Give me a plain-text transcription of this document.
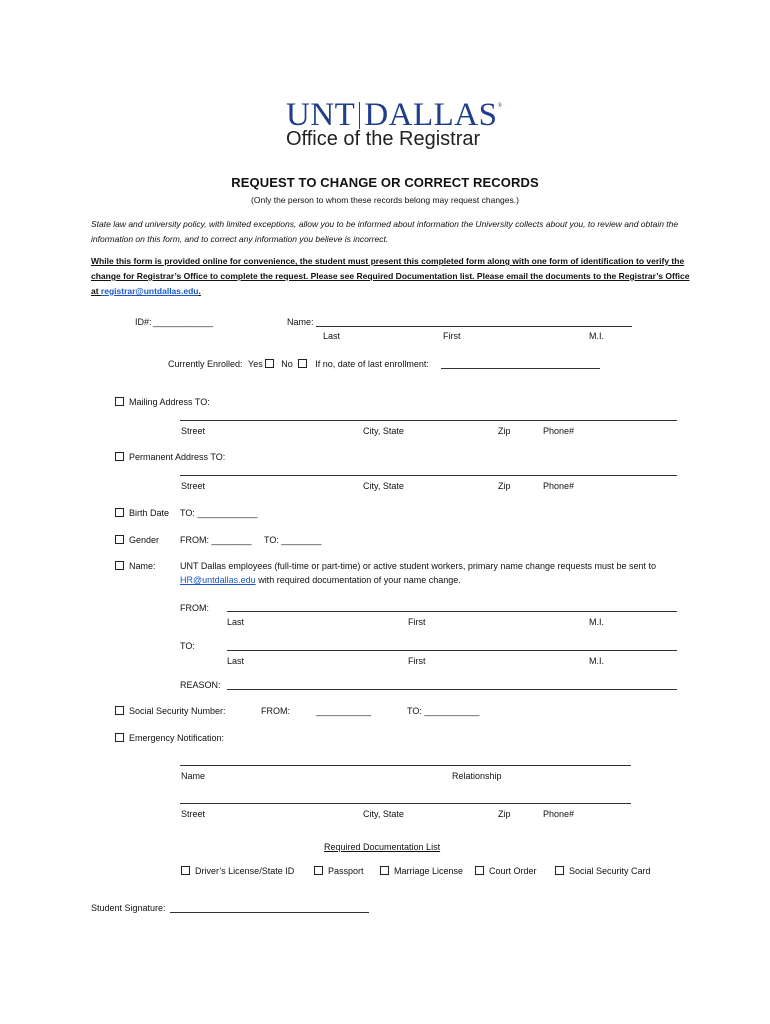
UNT DALLAS®
Office of the Registrar
REQUEST TO CHANGE OR CORRECT RECORDS
(Only the person to whom these records belong may request changes.)
State law and university policy, with limited exceptions, allow you to be informed about information the University collects about you, to review and obtain the information on this form, and to correct any information you believe is incorrect.
While this form is provided online for convenience, the student must present this completed form along with one form of identification to verify the change for Registrar’s Office to complete the request. Please see Required Documentation list. Please email the documents to the Registrar’s Office at registrar@untdallas.edu.
ID#: ____________	Name:
Last	First	M.I.
Currently Enrolled: Yes No	If no, date of last enrollment:
Mailing Address TO:
Street	City, State	Zip	Phone#
Permanent Address TO:
Street	City, State	Zip	Phone#
Birth Date TO: ____________
Gender FROM: ________ TO: ________
Name:	UNT Dallas employees (full-time or part-time) or active student workers, primary name change requests must be sent to
HR@untdallas.edu with required documentation of your name change.
FROM:
Last	First	M.I.
TO:
Last	First	M.I.
REASON:
Social Security Number:	FROM:	___________	TO: ___________
Emergency Notification:
Name	Relationship
Street	City, State	Zip	Phone#
Required Documentation List
Driver’s License/State ID	Passport	Marriage License	Court Order	Social Security Card
Student Signature:
